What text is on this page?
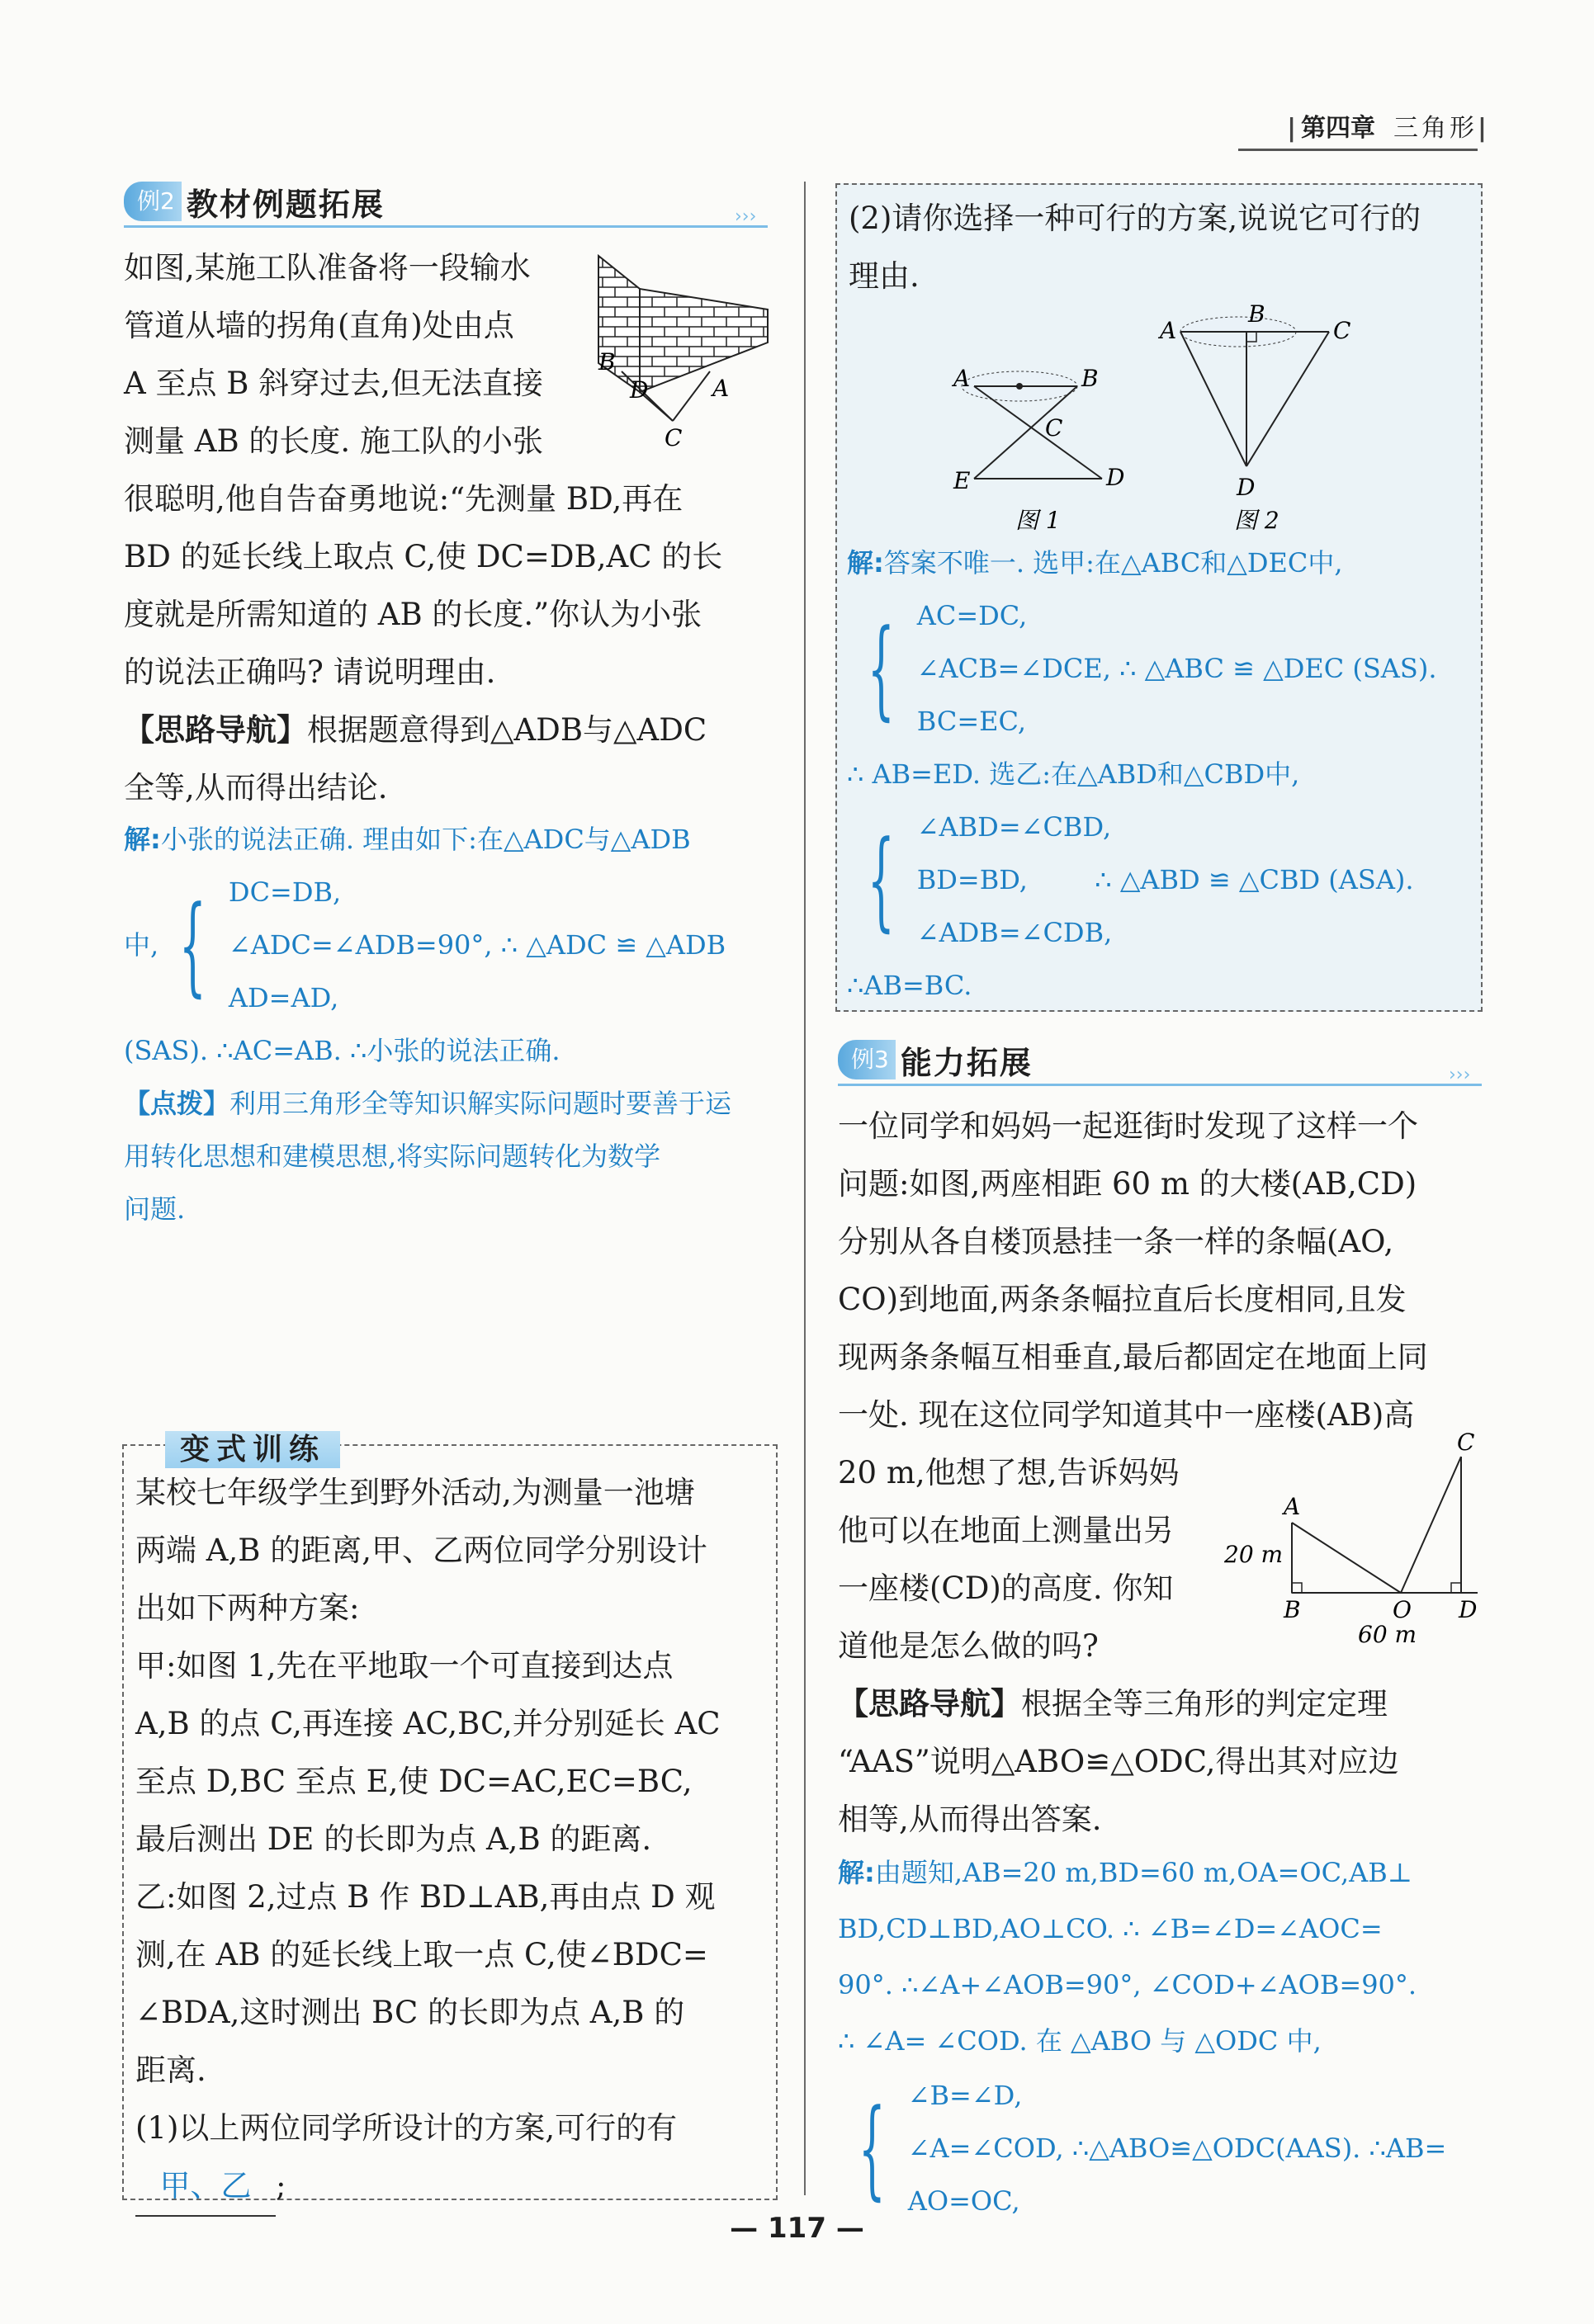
| 第四章 三角形|
例2 教材例题拓展	›››

如图,某施工队准备将一段输水

管道从墙的拐角(直角)处由点

A 至点 B 斜穿过去,但无法直接

测量 AB 的长度. 施工队的小张

很聪明,他自告奋勇地说:“先测量 BD,再在

BD 的延长线上取点 C,使 DC=DB,AC 的长

度就是所需知道的 AB 的长度.”你认为小张

的说法正确吗? 请说明理由.

【思路导航】根据题意得到△ADB与△ADC

全等,从而得出结论.

B
D	A
C
解:小张的说法正确. 理由如下:在△ADC与△ADB
中, { DC=DB,
∠ADC=∠ADB=90°, ∴ △ADC ≌ △ADB
AD=AD,
(SAS). ∴AC=AB. ∴小张的说法正确.
【点拨】利用三角形全等知识解实际问题时要善于运
用转化思想和建模思想,将实际问题转化为数学
问题.
变式训练

某校七年级学生到野外活动,为测量一池塘

两端 A,B 的距离,甲、乙两位同学分别设计

出如下两种方案:

甲:如图 1,先在平地取一个可直接到达点

A,B 的点 C,再连接 AC,BC,并分别延长 AC

至点 D,BC 至点 E,使 DC=AC,EC=BC,

最后测出 DE 的长即为点 A,B 的距离.

乙:如图 2,过点 B 作 BD⊥AB,再由点 D 观

测,在 AB 的延长线上取一点 C,使∠BDC=

∠BDA,这时测出 BC 的长即为点 A,B 的

距离.

(1)以上两位同学所设计的方案,可行的有

甲、乙 ;

(2)请你选择一种可行的方案,说说它可行的

理由.

A	B
C
E	D
图 1
A
B
C
D
图 2
解:答案不唯一. 选甲:在△ABC和△DEC中,
{ AC=DC,
∠ACB=∠DCE, ∴ △ABC ≌ △DEC (SAS).
BC=EC,
∴ AB=ED. 选乙:在△ABD和△CBD中,
{ ∠ABD=∠CBD,
BD=BD,        ∴ △ABD ≌ △CBD (ASA).
∠ADB=∠CDB,
∴AB=BC.
例3 能力拓展	›››

一位同学和妈妈一起逛街时发现了这样一个

问题:如图,两座相距 60 m 的大楼(AB,CD)

分别从各自楼顶悬挂一条一样的条幅(AO,

CO)到地面,两条条幅拉直后长度相同,且发

现两条条幅互相垂直,最后都固定在地面上同

一处. 现在这位同学知道其中一座楼(AB)高

20 m,他想了想,告诉妈妈

他可以在地面上测量出另

一座楼(CD)的高度. 你知

道他是怎么做的吗?

【思路导航】根据全等三角形的判定定理

“AAS”说明△ABO≌△ODC,得出其对应边

相等,从而得出答案.

C
A
20 m
B	O D
60 m
解:由题知,AB=20 m,BD=60 m,OA=OC,AB⊥
BD,CD⊥BD,AO⊥CO. ∴ ∠B=∠D=∠AOC=
90°. ∴∠A+∠AOB=90°, ∠COD+∠AOB=90°.
∴ ∠A= ∠COD. 在 △ABO 与 △ODC 中,
{ ∠B=∠D,
∠A=∠COD, ∴△ABO≌△ODC(AAS). ∴AB=
AO=OC,
— 117 —
